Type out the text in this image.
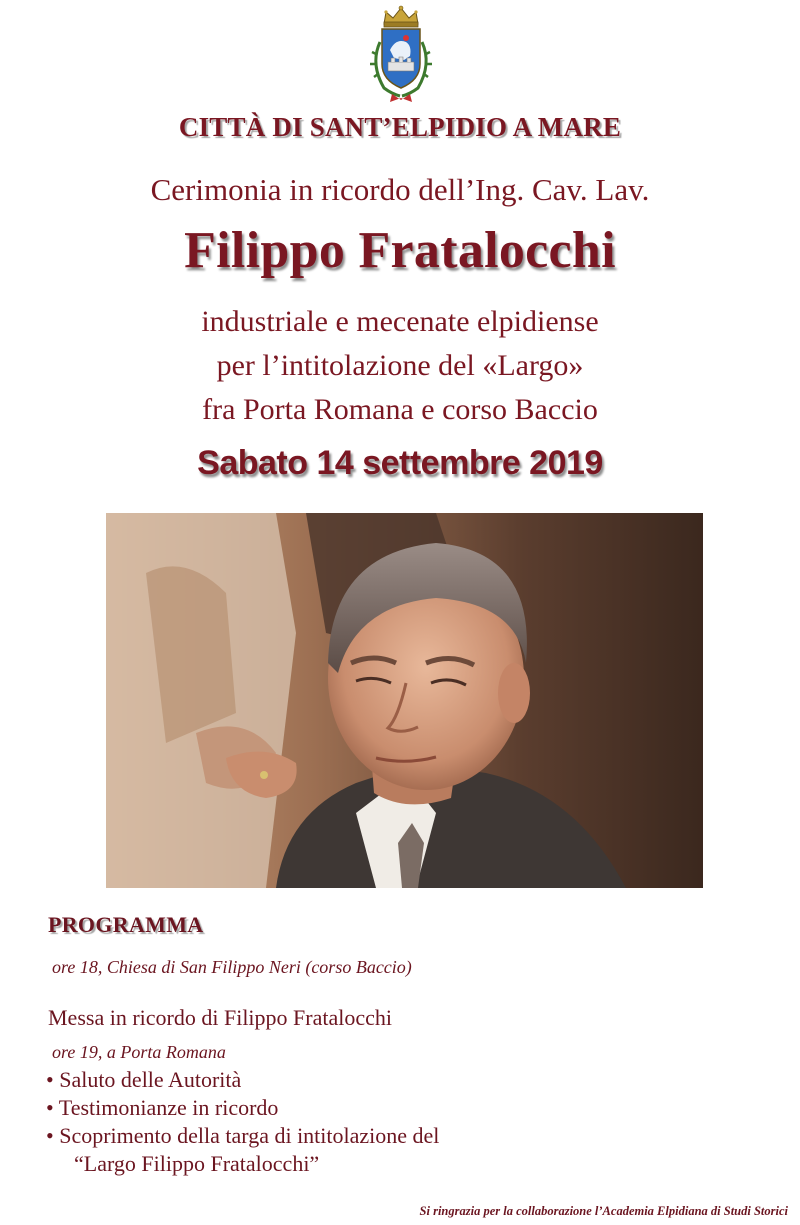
CITTÀ DI SANT’ELPIDIO A MARE
Cerimonia in ricordo dell’Ing. Cav. Lav.
Filippo Fratalocchi
industriale e mecenate elpidiense
per l’intitolazione del «Largo»
fra Porta Romana e corso Baccio
Sabato 14 settembre 2019
PROGRAMMA
ore 18, Chiesa di San Filippo Neri (corso Baccio)
Messa in ricordo di Filippo Fratalocchi
ore 19, a Porta Romana
• Saluto delle Autorità
• Testimonianze in ricordo
• Scoprimento della targa di intitolazione del
“Largo Filippo Fratalocchi”
Si ringrazia per la collaborazione l’Academia Elpidiana di Studi Storici
